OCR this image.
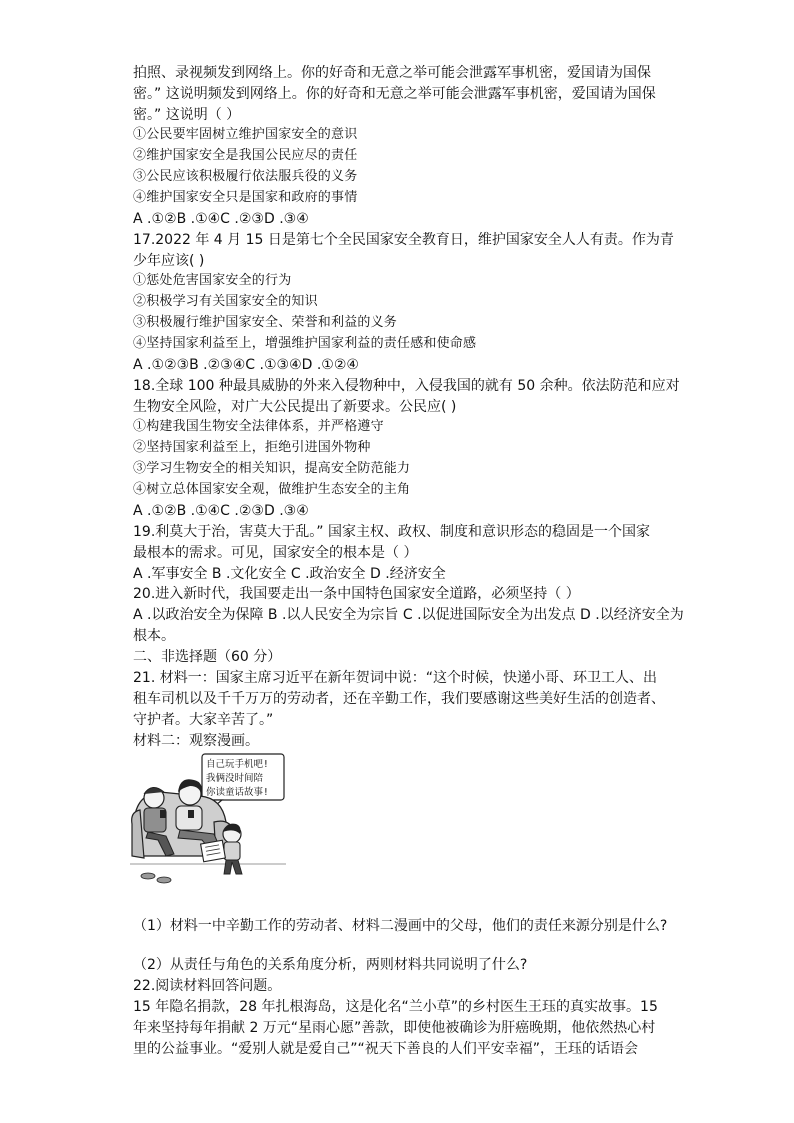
拍照、录视频发到网络上。你的好奇和无意之举可能会泄露军事机密，爱国请为国保
密。” 这说明频发到网络上。你的好奇和无意之举可能会泄露军事机密，爱国请为国保
密。” 这说明（ ）
①公民要牢固树立维护国家安全的意识
②维护国家安全是我国公民应尽的责任
③公民应该积极履行依法服兵役的义务
④维护国家安全只是国家和政府的事情
A .①②B .①④C .②③D .③④
17.2022 年 4 月 15 日是第七个全民国家安全教育日，维护国家安全人人有责。作为青
少年应该( )
①惩处危害国家安全的行为
②积极学习有关国家安全的知识
③积极履行维护国家安全、荣誉和利益的义务
④坚持国家利益至上，增强维护国家利益的责任感和使命感
A .①②③B .②③④C .①③④D .①②④
18.全球 100 种最具威胁的外来入侵物种中，入侵我国的就有 50 余种。依法防范和应对
生物安全风险，对广大公民提出了新要求。公民应( )
①构建我国生物安全法律体系，并严格遵守
②坚持国家利益至上，拒绝引进国外物种
③学习生物安全的相关知识，提高安全防范能力
④树立总体国家安全观，做维护生态安全的主角
A .①②B .①④C .②③D .③④
19.利莫大于治，害莫大于乱。” 国家主权、政权、制度和意识形态的稳固是一个国家
最根本的需求。可见，国家安全的根本是（ ）
A .军事安全 B .文化安全 C .政治安全 D .经济安全
20.进入新时代，我国要走出一条中国特色国家安全道路，必须坚持（ ）
A .以政治安全为保障 B .以人民安全为宗旨 C .以促进国际安全为出发点 D .以经济安全为
根本。
二、非选择题（60 分）
21. 材料一：国家主席习近平在新年贺词中说：“这个时候，快递小哥、环卫工人、出
租车司机以及千千万万的劳动者，还在辛勤工作，我们要感谢这些美好生活的创造者、
守护者。大家辛苦了。”
材料二：观察漫画。
自己玩手机吧!
我俩没时间陪
你读童话故事!
（1）材料一中辛勤工作的劳动者、材料二漫画中的父母，他们的责任来源分别是什么?
（2）从责任与角色的关系角度分析，两则材料共同说明了什么?
22.阅读材料回答问题。
15 年隐名捐款，28 年扎根海岛，这是化名“兰小草”的乡村医生王珏的真实故事。15
年来坚持每年捐献 2 万元“星雨心愿”善款，即使他被确诊为肝癌晚期，他依然热心村
里的公益事业。“爱别人就是爱自己”“祝天下善良的人们平安幸福”，王珏的话语会
